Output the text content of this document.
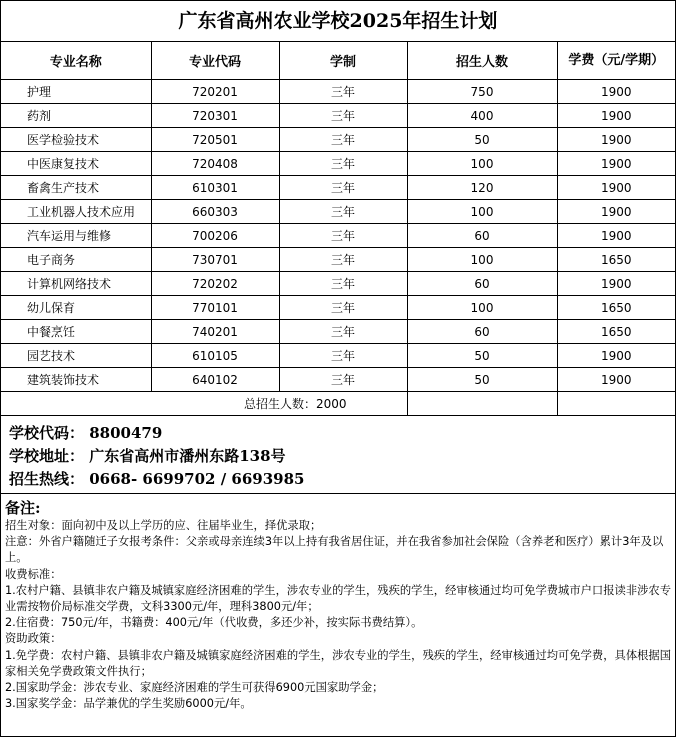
广东省高州农业学校2025年招生计划
专业名称	专业代码	学制	招生人数	学费（元/学期）
护理	720201	三年	750	1900
药剂	720301	三年	400	1900
医学检验技术	720501	三年	50	1900
中医康复技术	720408	三年	100	1900
畜禽生产技术	610301	三年	120	1900
工业机器人技术应用	660303	三年	100	1900
汽车运用与维修	700206	三年	60	1900
电子商务	730701	三年	100	1650
计算机网络技术	720202	三年	60	1900
幼儿保育	770101	三年	100	1650
中餐烹饪	740201	三年	60	1650
园艺技术	610105	三年	50	1900
建筑装饰技术	640102	三年	50	1900
总招生人数：2000				
学校代码： 8800479
学校地址： 广东省高州市潘州东路138号
招生热线： 0668- 6699702 / 6693985
备注:

招生对象：面向初中及以上学历的应、往届毕业生，择优录取；

注意：外省户籍随迁子女报考条件：父亲或母亲连续3年以上持有我省居住证，并在我省参加社会保险（含养老和医疗）累计3年及以上。

收费标准：

1.农村户籍、县镇非农户籍及城镇家庭经济困难的学生，涉农专业的学生，残疾的学生，经审核通过均可免学费城市户口报读非涉农专业需按物价局标准交学费，文科3300元/年，理科3800元/年；

2.住宿费：750元/年，书籍费：400元/年（代收费，多还少补，按实际书费结算）。

资助政策：

1.免学费：农村户籍、县镇非农户籍及城镇家庭经济困难的学生，涉农专业的学生，残疾的学生，经审核通过均可免学费，具体根据国家相关免学费政策文件执行；

2.国家助学金：涉农专业、家庭经济困难的学生可获得6900元国家助学金；

3.国家奖学金：品学兼优的学生奖励6000元/年。
